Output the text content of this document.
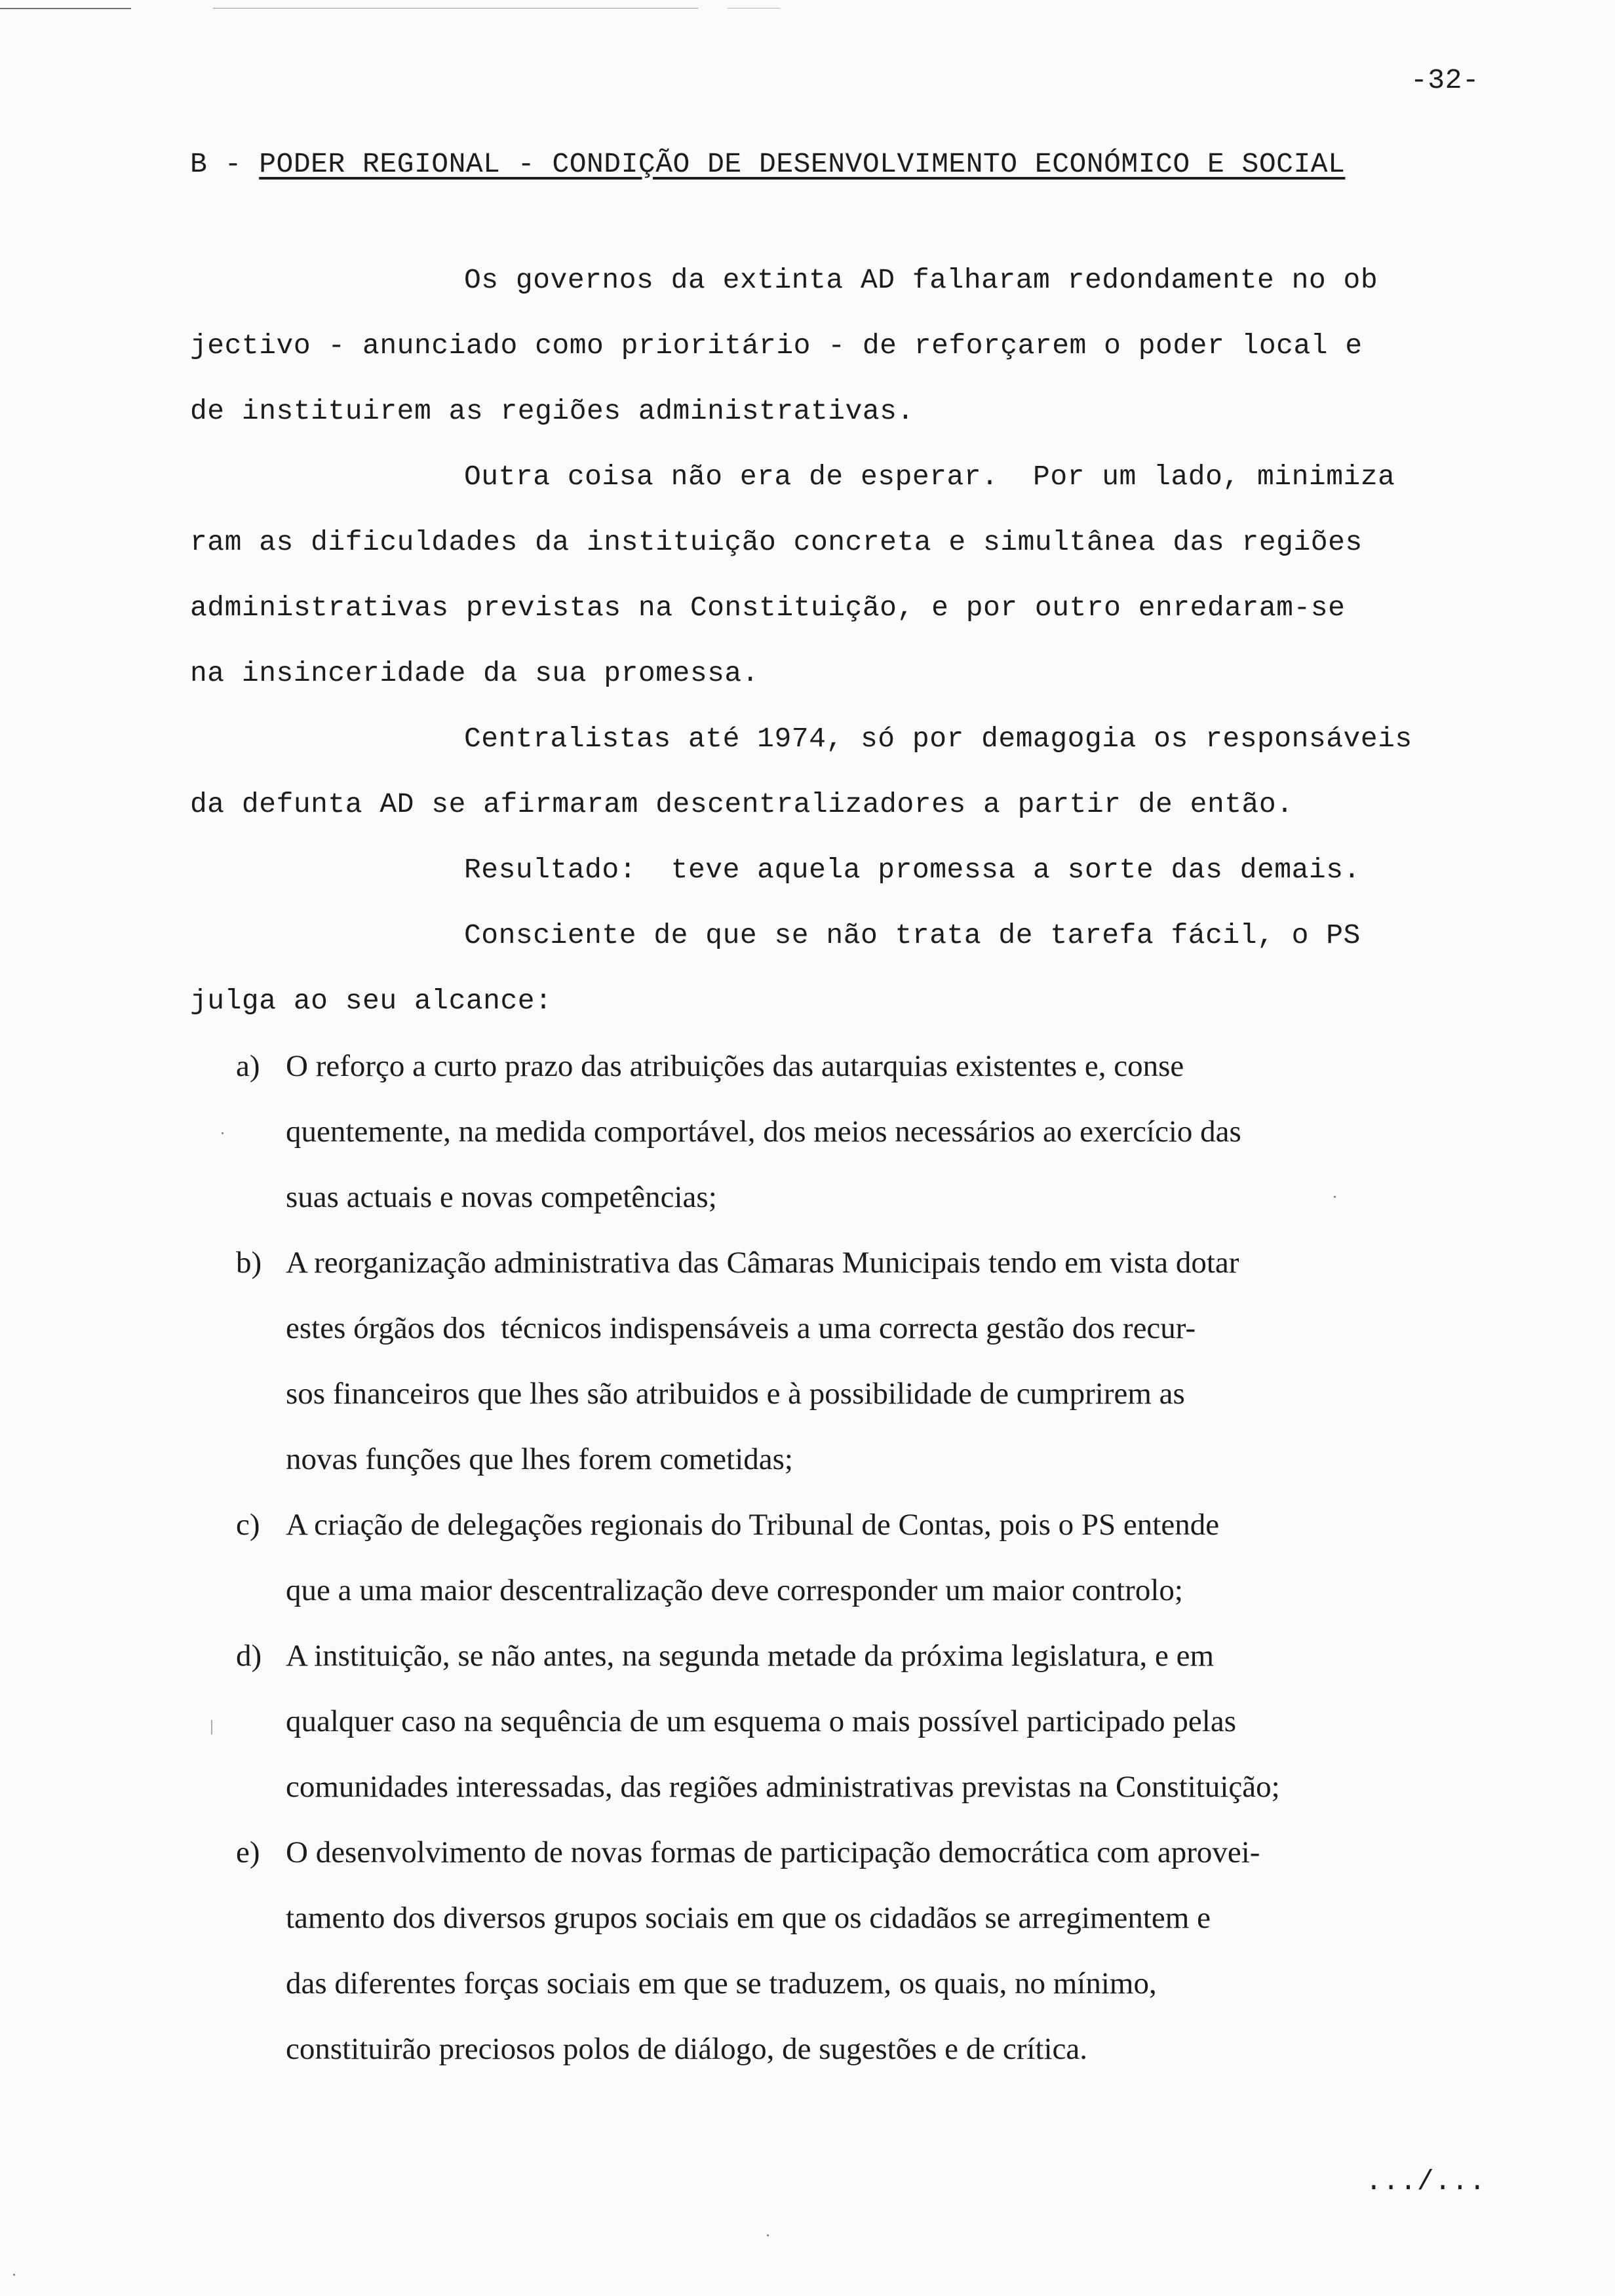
-32-
B - PODER REGIONAL - CONDIÇÃO DE DESENVOLVIMENTO ECONÓMICO E SOCIAL
Os governos da extinta AD falharam redondamente no ob
jectivo - anunciado como prioritário - de reforçarem o poder local e
de instituirem as regiões administrativas.
Outra coisa não era de esperar.  Por um lado, minimiza
ram as dificuldades da instituição concreta e simultânea das regiões
administrativas previstas na Constituição, e por outro enredaram-se
na insinceridade da sua promessa.
Centralistas até 1974, só por demagogia os responsáveis
da defunta AD se afirmaram descentralizadores a partir de então.
Resultado:  teve aquela promessa a sorte das demais.
Consciente de que se não trata de tarefa fácil, o PS
julga ao seu alcance:
a) O reforço a curto prazo das atribuições das autarquias existentes e, conse
quentemente, na medida comportável, dos meios necessários ao exercício das
suas actuais e novas competências;
b) A reorganização administrativa das Câmaras Municipais tendo em vista dotar
estes órgãos dos  técnicos indispensáveis a uma correcta gestão dos recur-
sos financeiros que lhes são atribuidos e à possibilidade de cumprirem as
novas funções que lhes forem cometidas;
c) A criação de delegações regionais do Tribunal de Contas, pois o PS entende
que a uma maior descentralização deve corresponder um maior controlo;
d) A instituição, se não antes, na segunda metade da próxima legislatura, e em
qualquer caso na sequência de um esquema o mais possível participado pelas
comunidades interessadas, das regiões administrativas previstas na Constituição;
e) O desenvolvimento de novas formas de participação democrática com aprovei-
tamento dos diversos grupos sociais em que os cidadãos se arregimentem e
das diferentes forças sociais em que se traduzem, os quais, no mínimo,
constituirão preciosos polos de diálogo, de sugestões e de crítica.
.../...
